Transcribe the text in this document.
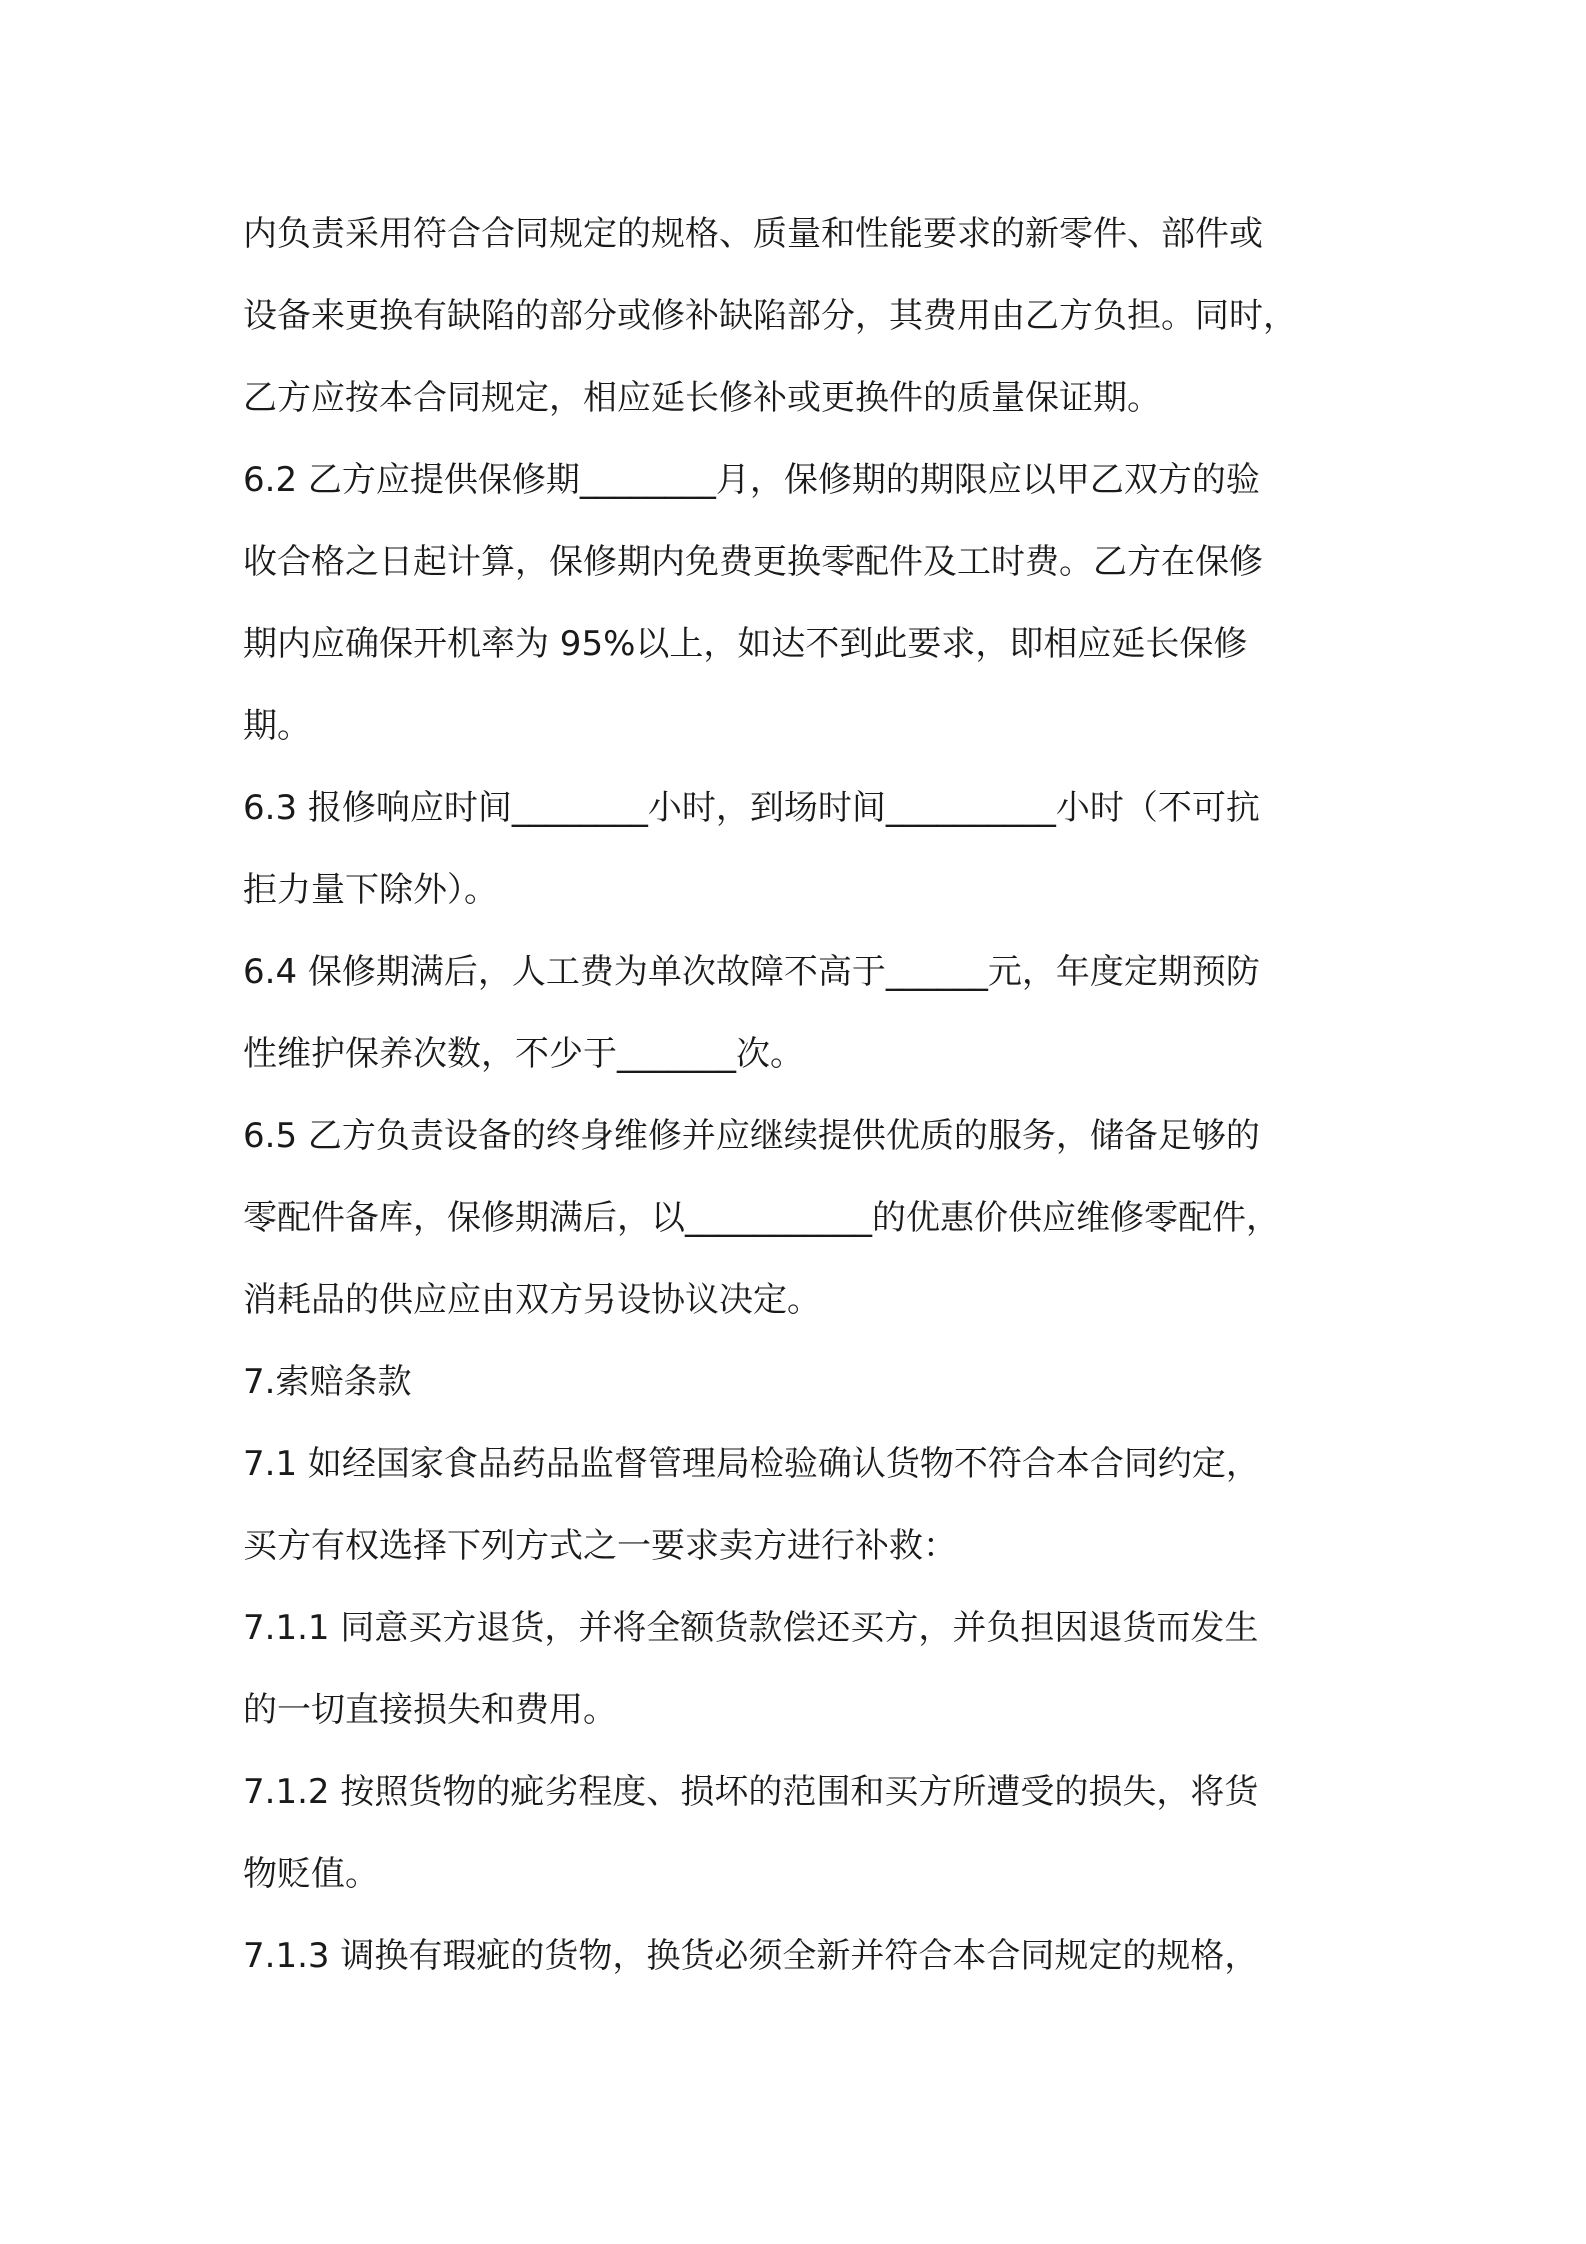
内负责采用符合合同规定的规格、质量和性能要求的新零件、部件或
设备来更换有缺陷的部分或修补缺陷部分，其费用由乙方负担。同时，
乙方应按本合同规定，相应延长修补或更换件的质量保证期。
6.2 乙方应提供保修期________月，保修期的期限应以甲乙双方的验
收合格之日起计算，保修期内免费更换零配件及工时费。乙方在保修
期内应确保开机率为 95%以上，如达不到此要求，即相应延长保修
期。
6.3 报修响应时间________小时，到场时间__________小时（不可抗
拒力量下除外）。
6.4 保修期满后，人工费为单次故障不高于______元，年度定期预防
性维护保养次数，不少于_______次。
6.5 乙方负责设备的终身维修并应继续提供优质的服务，储备足够的
零配件备库，保修期满后，以___________的优惠价供应维修零配件，
消耗品的供应应由双方另设协议决定。
7.索赔条款
7.1 如经国家食品药品监督管理局检验确认货物不符合本合同约定，
买方有权选择下列方式之一要求卖方进行补救：
7.1.1 同意买方退货，并将全额货款偿还买方，并负担因退货而发生
的一切直接损失和费用。
7.1.2 按照货物的疵劣程度、损坏的范围和买方所遭受的损失，将货
物贬值。
7.1.3 调换有瑕疵的货物，换货必须全新并符合本合同规定的规格，
